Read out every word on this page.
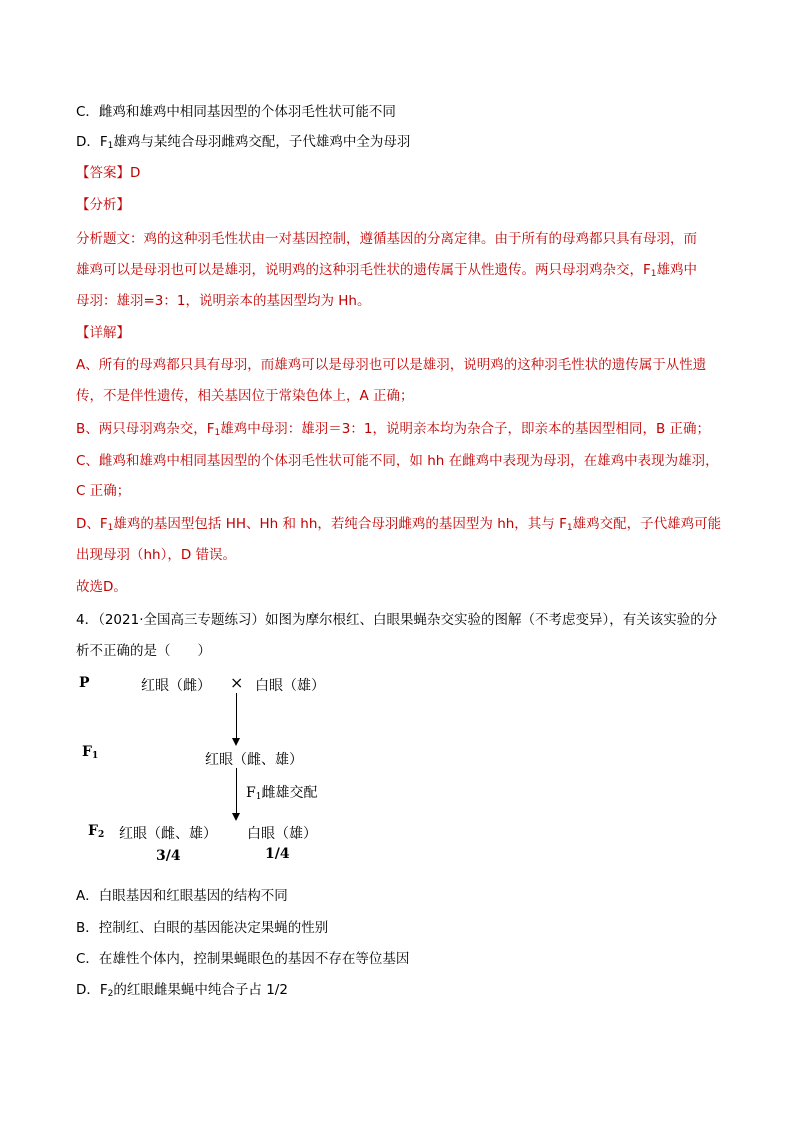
C．雌鸡和雄鸡中相同基因型的个体羽毛性状可能不同
D．$F_1$雄鸡与某纯合母羽雌鸡交配，子代雄鸡中全为母羽
【答案】D
【分析】
分析题文：鸡的这种羽毛性状由一对基因控制，遵循基因的分离定律。由于所有的母鸡都只具有母羽，而
雄鸡可以是母羽也可以是雄羽，说明鸡的这种羽毛性状的遗传属于从性遗传。两只母羽鸡杂交，$F_1$雄鸡中
母羽：雄羽=3：1，说明亲本的基因型均为 Hh。
【详解】
A、所有的母鸡都只具有母羽，而雄鸡可以是母羽也可以是雄羽，说明鸡的这种羽毛性状的遗传属于从性遗
传，不是伴性遗传，相关基因位于常染色体上，A 正确；
B、两只母羽鸡杂交，$F_1$雄鸡中母羽：雄羽＝3：1，说明亲本均为杂合子，即亲本的基因型相同，B 正确；
C、雌鸡和雄鸡中相同基因型的个体羽毛性状可能不同，如 hh 在雌鸡中表现为母羽，在雄鸡中表现为雄羽，
C 正确；
D、$F_1$雄鸡的基因型包括 HH、Hh 和 hh，若纯合母羽雌鸡的基因型为 hh，其与 $F_1$雄鸡交配，子代雄鸡可能
出现母羽（hh），D 错误。
故选D。
4．（2021·全国高三专题练习）如图为摩尔根红、白眼果蝇杂交实验的图解（不考虑变异），有关该实验的分
析不正确的是（　　）
P	红眼（雌） × 白眼（雄）
$F_1$	红眼（雌、雄）
$F_1$雌雄交配
$F_2$ 红眼（雌、雄） 白眼（雄）
3/4	1/4
A．白眼基因和红眼基因的结构不同
B．控制红、白眼的基因能决定果蝇的性别
C．在雄性个体内，控制果蝇眼色的基因不存在等位基因
D．$F_2$的红眼雌果蝇中纯合子占 1/2
